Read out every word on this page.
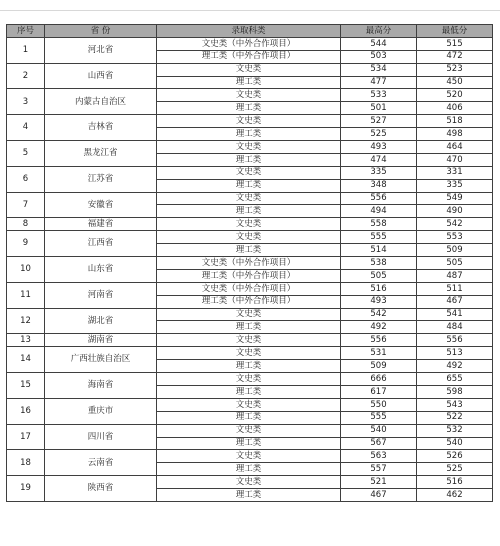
序号	省 份	录取科类	最高分	最低分
1	河北省	文史类（中外合作项目）	544	515
		理工类（中外合作项目）	503	472
2	山西省	文史类	534	523
		理工类	477	450
3	内蒙古自治区	文史类	533	520
		理工类	501	406
4	吉林省	文史类	527	518
		理工类	525	498
5	黑龙江省	文史类	493	464
		理工类	474	470
6	江苏省	文史类	335	331
		理工类	348	335
7	安徽省	文史类	556	549
		理工类	494	490
8	福建省	文史类	558	542
9	江西省	文史类	555	553
		理工类	514	509
10	山东省	文史类（中外合作项目）	538	505
		理工类（中外合作项目）	505	487
11	河南省	文史类（中外合作项目）	516	511
		理工类（中外合作项目）	493	467
12	湖北省	文史类	542	541
		理工类	492	484
13	湖南省	文史类	556	556
14	广西壮族自治区	文史类	531	513
		理工类	509	492
15	海南省	文史类	666	655
		理工类	617	598
16	重庆市	文史类	550	543
		理工类	555	522
17	四川省	文史类	540	532
		理工类	567	540
18	云南省	文史类	563	526
		理工类	557	525
19	陕西省	文史类	521	516
		理工类	467	462
